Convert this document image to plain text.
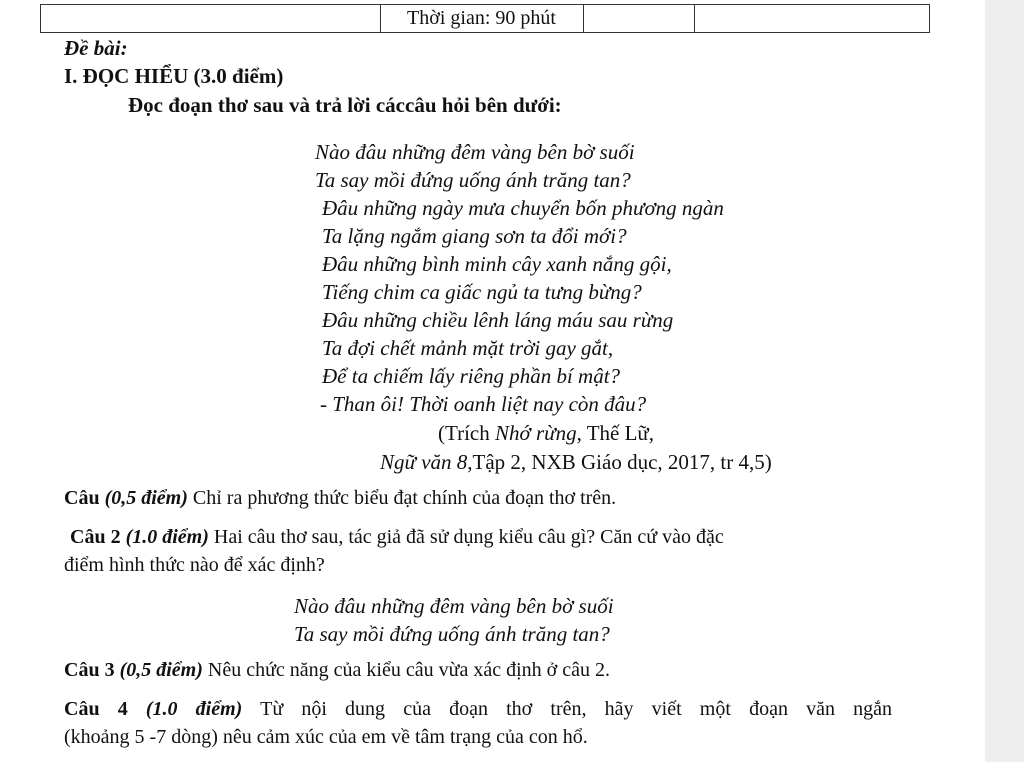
Thời gian: 90 phút
Đề bài:
I. ĐỌC HIỂU (3.0 điểm)
Đọc đoạn thơ sau và trả lời cáccâu hỏi bên dưới:
Nào đâu những đêm vàng bên bờ suối
Ta say mồi đứng uống ánh trăng tan?
Đâu những ngày mưa chuyển bốn phương ngàn
Ta lặng ngắm giang sơn ta đổi mới?
Đâu những bình minh cây xanh nắng gội,
Tiếng chim ca giấc ngủ ta tưng bừng?
Đâu những chiều lênh láng máu sau rừng
Ta đợi chết mảnh mặt trời gay gắt,
Để ta chiếm lấy riêng phần bí mật?
- Than ôi! Thời oanh liệt nay còn đâu?
(Trích Nhớ rừng, Thế Lữ,
Ngữ văn 8,Tập 2, NXB Giáo dục, 2017, tr 4,5)
Câu (0,5 điểm) Chỉ ra phương thức biểu đạt chính của đoạn thơ trên.
Câu 2 (1.0 điểm) Hai câu thơ sau, tác giả đã sử dụng kiểu câu gì? Căn cứ vào đặc
điểm hình thức nào để xác định?
Nào đâu những đêm vàng bên bờ suối
Ta say mồi đứng uống ánh trăng tan?
Câu 3 (0,5 điểm) Nêu chức năng của kiểu câu vừa xác định ở câu 2.
Câu 4 (1.0 điểm) Từ nội dung của đoạn thơ trên, hãy viết một đoạn văn ngắn
(khoảng 5 -7 dòng) nêu cảm xúc của em về tâm trạng của con hổ.
